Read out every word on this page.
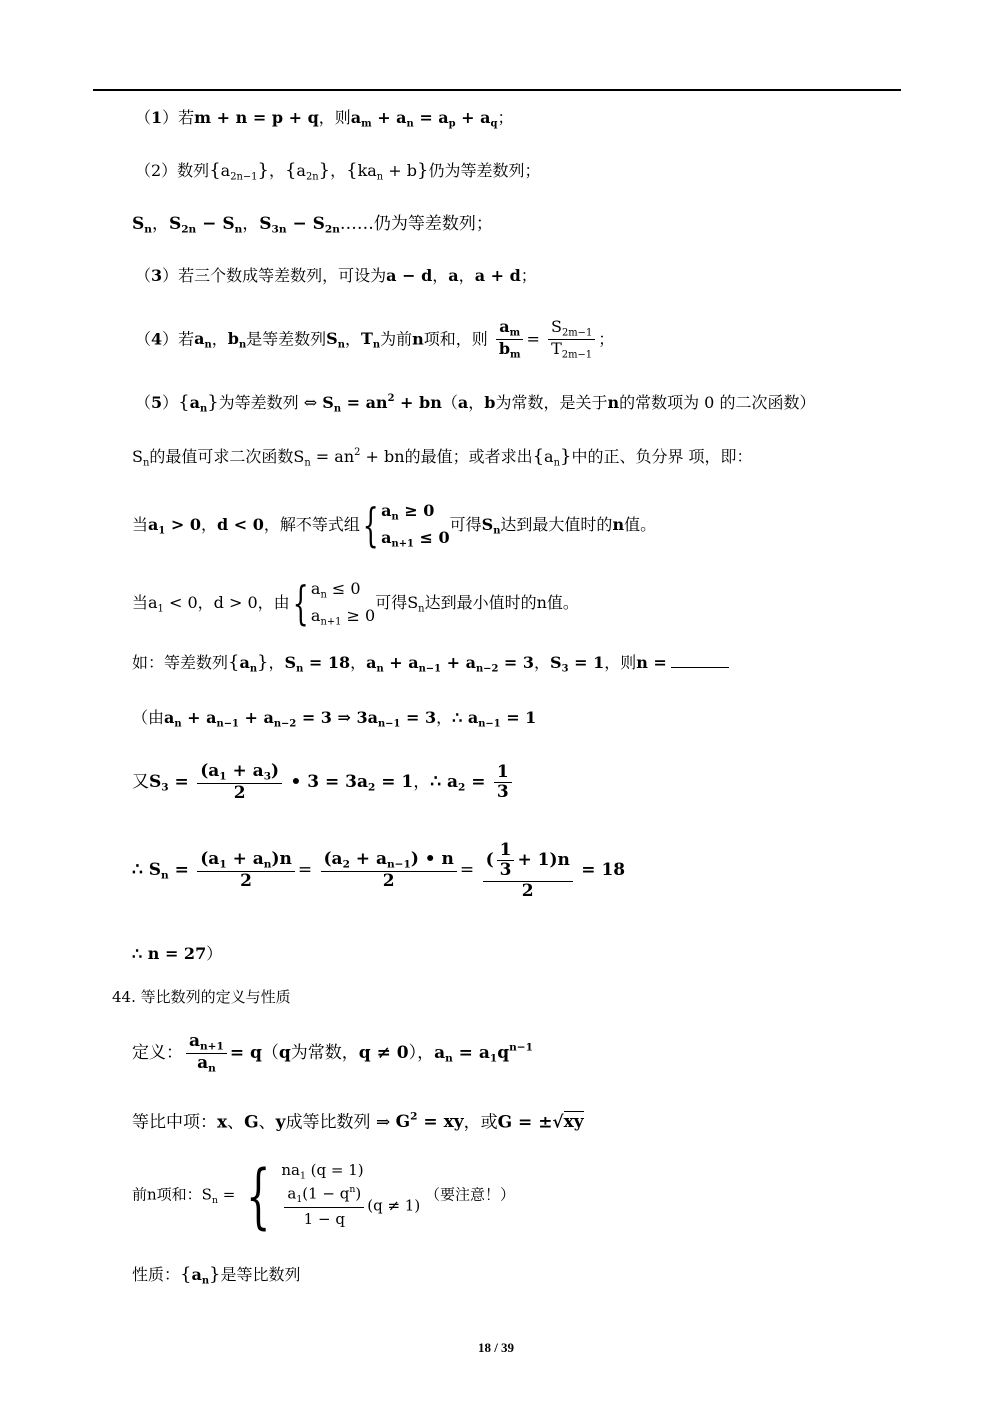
（1）若m + n = p + q，则$a_m + a_n = a_p + a_q$；
（2）数列$\{a_{2n-1}\}$，$\{a_{2n}\}$，$\{ka_n + b\}$仍为等差数列；
$S_n$，$S_{2n} - S_n$，$S_{3n}$ − $S_{2n}\dots\dots$仍为等差数列；
（3）若三个数成等差数列，可设为a − d，a，a + d；
（4）若$a_n$，$b_n$是等差数列$S_n$，$T_n$为前n项和，则 $\frac{a_m}{b_m} = \frac{S_{2m-1}}{T_{2m-1}}$ ；
$(5)\{a_n\}$为等差数列 ⇔ $S_n = an^2 + bn(a$，b为常数，是关于n的常数项为 0 的二次函数）
$S_n$的最值可求二次函数$S_n = an^2$ + bn的最值；或者求出$\{a_n\}$中的正、负分界 项，即：
当$a_1 > 0$，d < 0，解不等式组{ $a_n \ge 0$
$a_{n+1} \le 0$
可得$S_n$达到最大值时的n值。
当$a_1 < 0$，d > 0，由{ $a_n \le 0$
$a_{n+1} \ge 0$
可得$S_n$达到最小值时的n值。
如：等差数列$\{a_n\}$，$S_n = 18$，$a_n + a_{n-1} + a_{n-2} = 3$，$S_3 = 1$，则n =
（由$a_n + a_{n-1} + a_{n-2} = 3$ ⇒ $3a_{n-1} = 3$，∴ $a_{n-1} = 1$
又$S_3 = \frac{(a_1 + a_3)}{2}$ • $3 = 3a_2 = 1$，∴ $a_2 = \frac{1}{3}$
∴ $S_n = \frac{(a_1 + a_n)n}{2} = \frac{(a_2 + a_{n-1}) • n}{2} = \frac{( \frac{1}{3} + 1)n}{2} = 18$
∴ n = 27）
44. 等比数列的定义与性质
定义： $\frac{a_{n+1}}{a_n} = q(q$为常数，q ≠ 0），$a_n = a_1q^{n-1}$
等比中项：x、G、y成等比数列 ⇒ $G^2$ = xy，或G = ±√xy
前n项和：$S_n$ = { $na_1$ (q = 1)
$\frac{a_1(1 - q^n)}{1 - q} (q \ne 1)$
（要注意！）
性质：$\{a_n\}$是等比数列
18 / 39
